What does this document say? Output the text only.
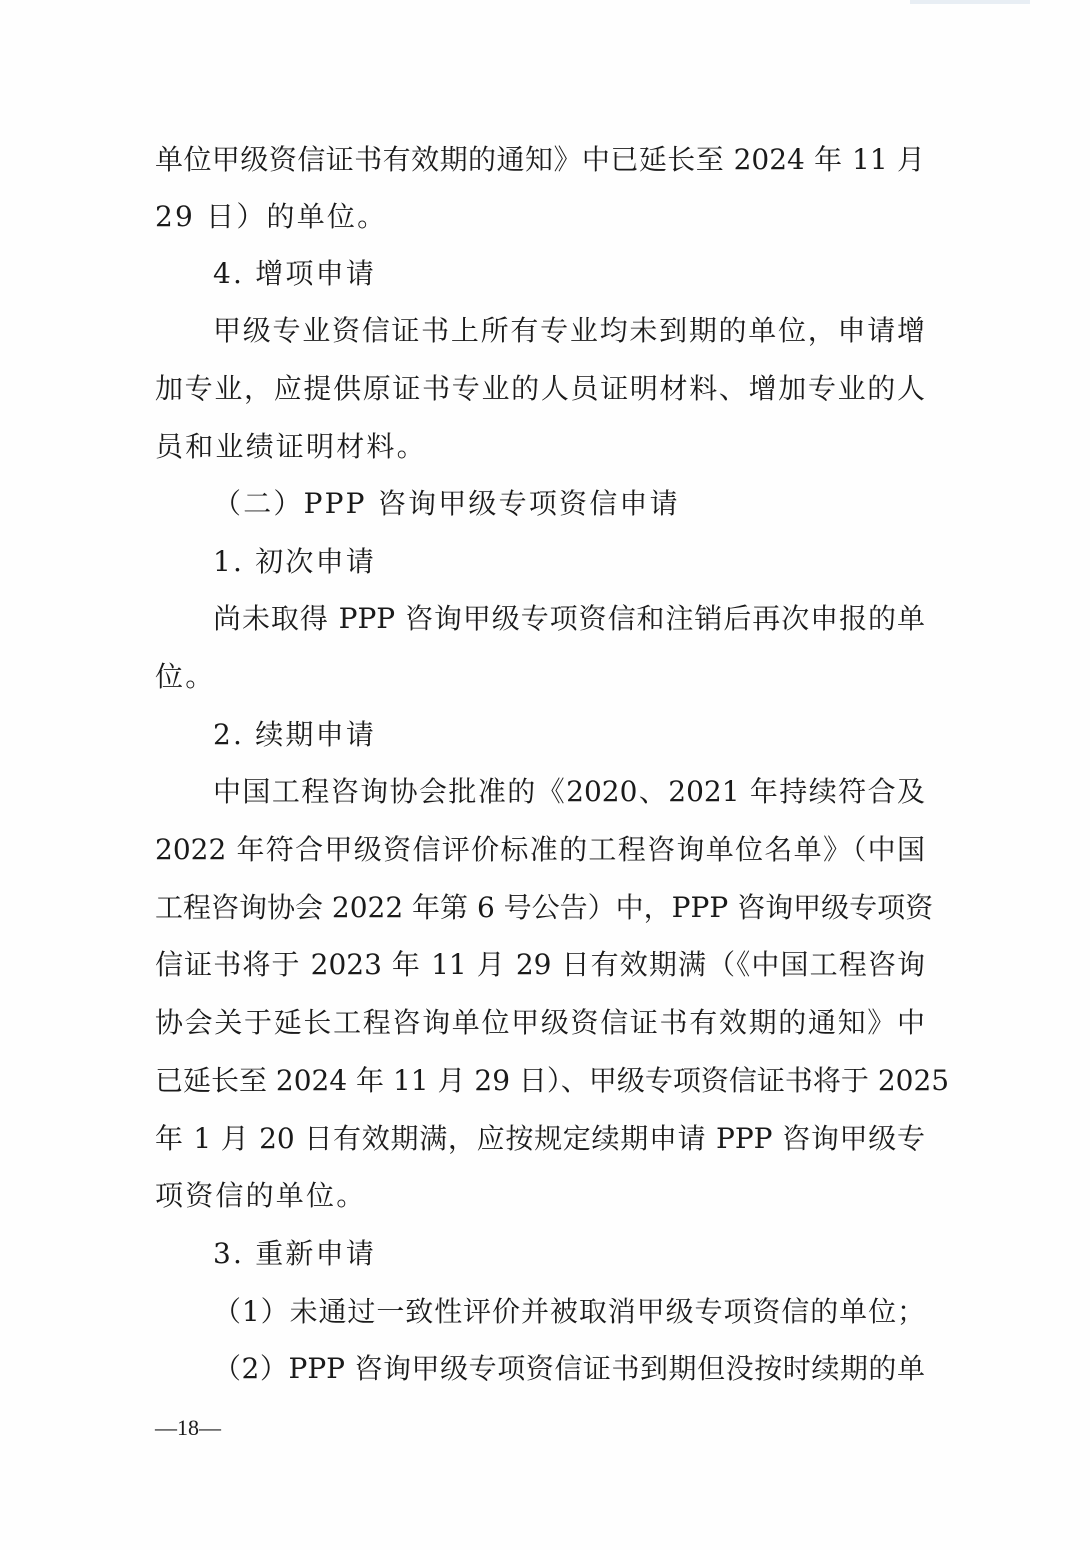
单位甲级资信证书有效期的通知》中已延长至 2024 年 11 月
29 日）的单位。
4. 增项申请
甲级专业资信证书上所有专业均未到期的单位，申请增
加专业，应提供原证书专业的人员证明材料、增加专业的人
员和业绩证明材料。
（二）PPP 咨询甲级专项资信申请
1. 初次申请
尚未取得 PPP 咨询甲级专项资信和注销后再次申报的单
位。
2. 续期申请
中国工程咨询协会批准的《2020、2021 年持续符合及
2022 年符合甲级资信评价标准的工程咨询单位名单》（中国
工程咨询协会 2022 年第 6 号公告）中，PPP 咨询甲级专项资
信证书将于 2023 年 11 月 29 日有效期满（《中国工程咨询
协会关于延长工程咨询单位甲级资信证书有效期的通知》中
已延长至 2024 年 11 月 29 日）、甲级专项资信证书将于 2025
年 1 月 20 日有效期满，应按规定续期申请 PPP 咨询甲级专
项资信的单位。
3. 重新申请
（1）未通过一致性评价并被取消甲级专项资信的单位；
（2）PPP 咨询甲级专项资信证书到期但没按时续期的单
—18—
